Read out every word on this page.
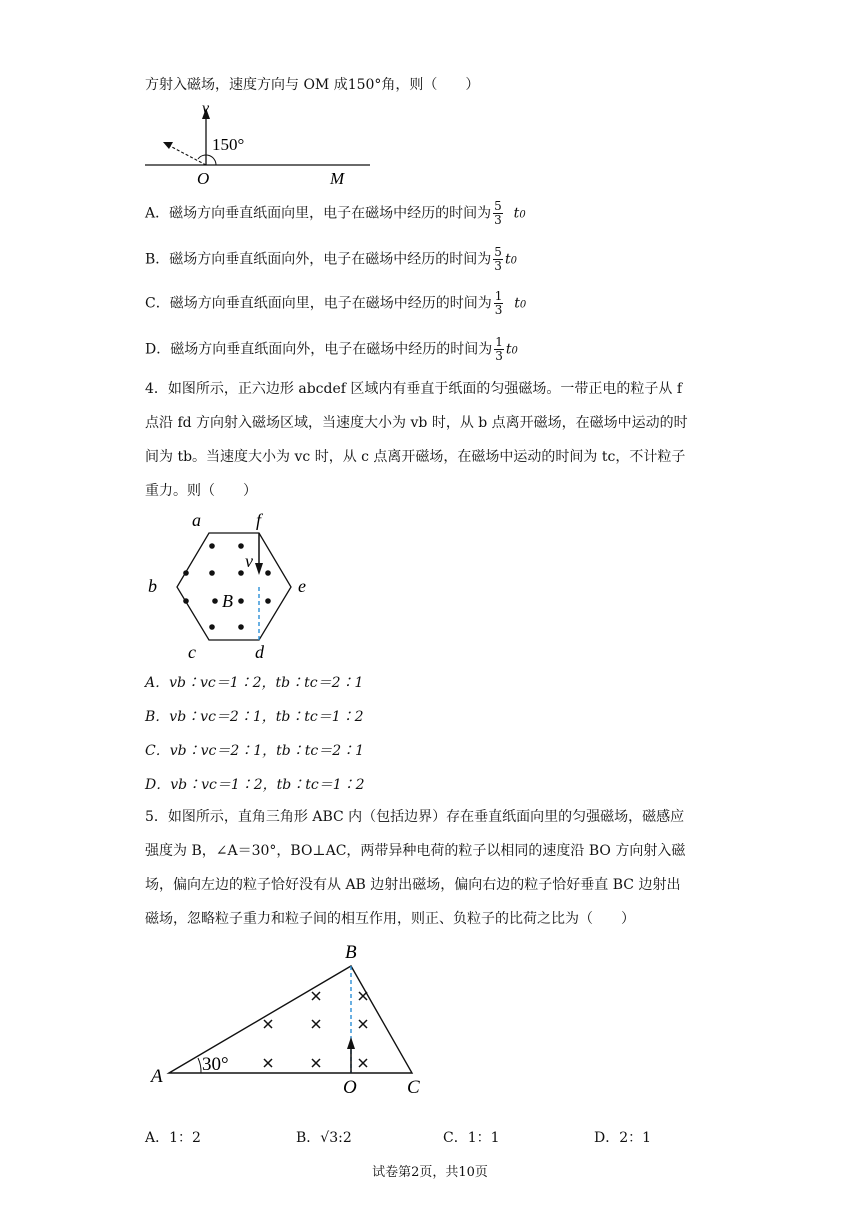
方射入磁场，速度方向与 OM 成150°角，则（　　）
v
150°
O	M
A．磁场方向垂直纸面向里，电子在磁场中经历的时间为 $\frac{5}{3} t0$
B．磁场方向垂直纸面向外，电子在磁场中经历的时间为 $\frac{5}{3} t0$
C．磁场方向垂直纸面向里，电子在磁场中经历的时间为 $\frac{1}{3} t0$
D．磁场方向垂直纸面向外，电子在磁场中经历的时间为 $\frac{1}{3} t0$
4．如图所示，正六边形 abcdef 区域内有垂直于纸面的匀强磁场。一带正电的粒子从 f
点沿 fd 方向射入磁场区域，当速度大小为 vb 时，从 b 点离开磁场，在磁场中运动的时
间为 tb。当速度大小为 vc 时，从 c 点离开磁场，在磁场中运动的时间为 tc，不计粒子
重力。则（　　）
a	f
b	e
c	d
v
B
A．vb∶vc＝1∶2，tb∶tc＝2∶1
B．vb∶vc＝2∶1，tb∶tc＝1∶2
C．vb∶vc＝2∶1，tb∶tc＝2∶1
D．vb∶vc＝1∶2，tb∶tc＝1∶2
5．如图所示，直角三角形 ABC 内（包括边界）存在垂直纸面向里的匀强磁场，磁感应
强度为 B，∠A＝30°，BO⊥AC，两带异种电荷的粒子以相同的速度沿 BO 方向射入磁
场，偏向左边的粒子恰好没有从 AB 边射出磁场，偏向右边的粒子恰好垂直 BC 边射出
磁场，忽略粒子重力和粒子间的相互作用，则正、负粒子的比荷之比为（　　）
B
A
30°
O	C
A．1：2	B．√3:2	C．1：1	D．2：1
试卷第2页，共10页
